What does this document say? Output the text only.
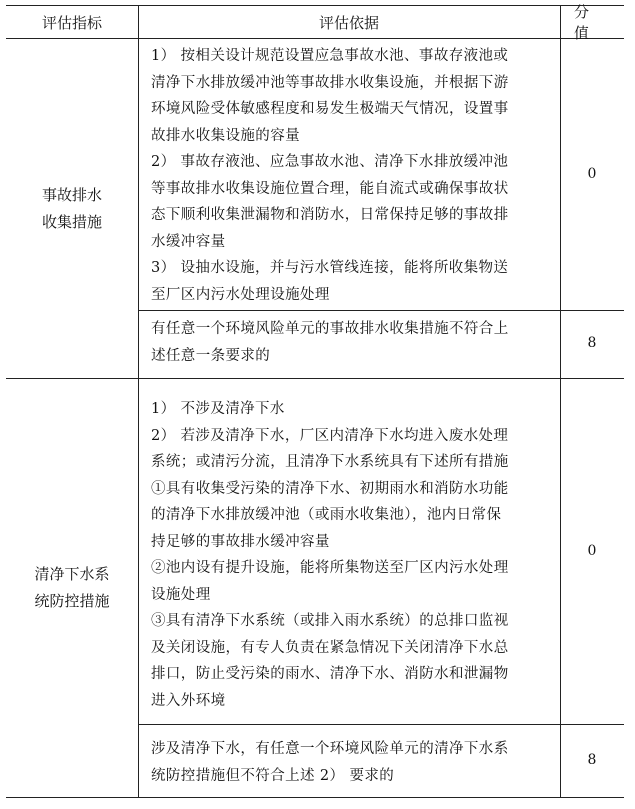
评估指标	评估依据
分 值
事故排水
收集措施

1） 按相关设计规范设置应急事故水池、事故存液池或

清净下水排放缓冲池等事故排水收集设施，并根据下游

环境风险受体敏感程度和易发生极端天气情况，设置事

故排水收集设施的容量

2） 事故存液池、应急事故水池、清净下水排放缓冲池

等事故排水收集设施位置合理，能自流式或确保事故状

态下顺利收集泄漏物和消防水，日常保持足够的事故排

水缓冲容量

3） 设抽水设施，并与污水管线连接，能将所收集物送

至厂区内污水处理设施处理

0

有任意一个环境风险单元的事故排水收集措施不符合上

述任意一条要求的

8
清净下水系
统防控措施

1） 不涉及清净下水

2） 若涉及清净下水，厂区内清净下水均进入废水处理

系统；或清污分流，且清净下水系统具有下述所有措施

①具有收集受污染的清净下水、初期雨水和消防水功能

的清净下水排放缓冲池（或雨水收集池），池内日常保

持足够的事故排水缓冲容量

②池内设有提升设施，能将所集物送至厂区内污水处理

设施处理

③具有清净下水系统（或排入雨水系统）的总排口监视

及关闭设施，有专人负责在紧急情况下关闭清净下水总

排口，防止受污染的雨水、清净下水、消防水和泄漏物

进入外环境

0

涉及清净下水，有任意一个环境风险单元的清净下水系

统防控措施但不符合上述 2） 要求的

8
